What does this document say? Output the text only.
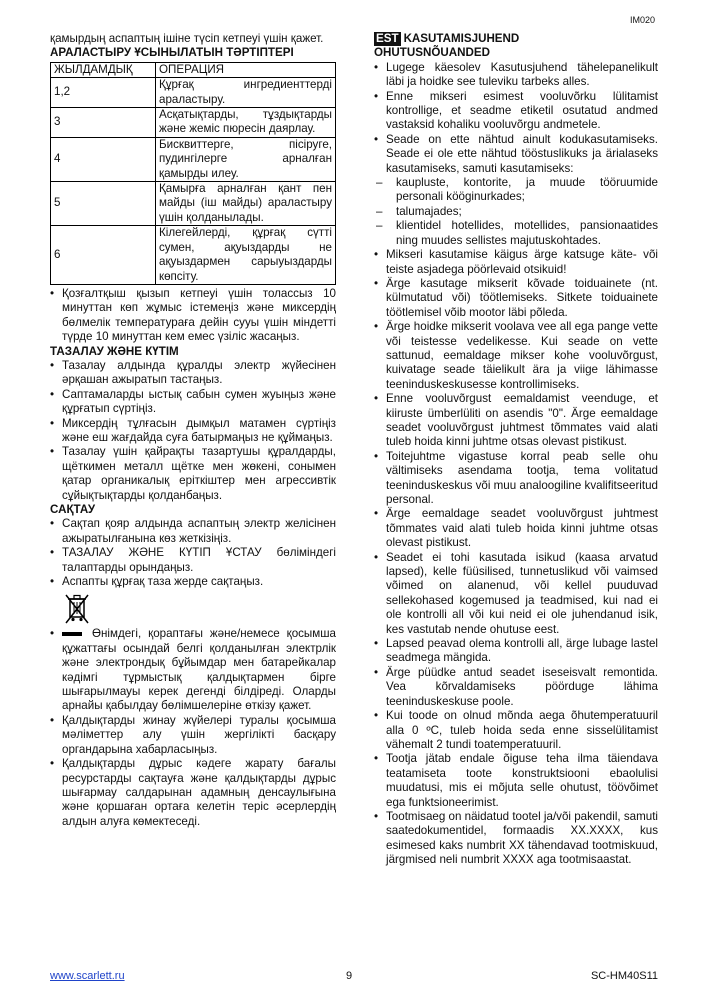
IM020

қамырдың аспаптың ішіне түсіп кетпеуі үшін қажет.

АРАЛАСТЫРУ ҰСЫНЫЛАТЫН ТӘРТІПТЕРІ

ЖЫЛДАМДЫҚ	ОПЕРАЦИЯ
1,2	Құрғақ ингредиенттерді араластыру.
3	Асқатықтарды, тұздықтарды және жеміс пюресін даярлау.
4	Бисквиттерге, пісіруге, пудингілерге арналған қамырды илеу.
5	Қамырға арналған қант пен майды (іш майды) араластыру үшін қолданылады.
6	Кілегейлерді, құрғақ сүтті сумен, ақуыздарды не ақуыздармен сарыуыздарды көпсіту.
• Қозғалтқыш қызып кетпеуі үшін толассыз 10 минуттан көп жұмыс істемеңіз және миксердің бөлмелік температураға дейін сууы үшін міндетті түрде 10 минуттан кем емес үзіліс жасаңыз.

ТАЗАЛАУ ЖӘНЕ КҮТІМ

• Тазалау алдында құралды электр жүйесінен әрқашан ажыратып тастаңыз.
• Саптамаларды ыстық сабын сумен жуыңыз және құрғатып сүртіңіз.
• Миксердің тұлғасын дымқыл матамен сүртіңіз және еш жағдайда суға батырмаңыз не құймаңыз.
• Тазалау үшін қайрақты тазартушы құралдарды, щёткимен металл щётке мен жөкені, сонымен қатар органикалық еріткіштер мен агрессивтік сұйықтықтарды қолданбаңыз.

САҚТАУ

• Сақтап қояр алдында аспаптың электр желісінен ажыратылғанына көз жеткізіңіз.
• ТАЗАЛАУ ЖӘНЕ КҮТІП ҰСТАУ бөліміндегі талаптарды орындаңыз.
• Аспапты құрғақ таза жерде сақтаңыз.
• Өнімдегі, қораптағы және/немесе қосымша құжаттағы осындай белгі қолданылған электрлік және электрондық бұйымдар мен батарейкалар кәдімгі тұрмыстық қалдықтармен бірге шығарылмауы керек дегенді білдіреді. Оларды арнайы қабылдау бөлімшелеріне өткізу қажет.
• Қалдықтарды жинау жүйелері туралы қосымша мәліметтер алу үшін жергілікті басқару органдарына хабарласыңыз.
• Қалдықтарды дұрыс кәдеге жарату бағалы ресурстарды сақтауға және қалдықтарды дұрыс шығармау салдарынан адамның денсаулығына және қоршаған ортаға келетін теріс әсерлердің алдын алуға көмектеседі.

EST KASUTAMISJUHEND

OHUTUSNÕUANDED

• Lugege käesolev Kasutusjuhend tähelepanelikult läbi ja hoidke see tuleviku tarbeks alles.
• Enne mikseri esimest vooluvõrku lülitamist kontrollige, et seadme etiketil osutatud andmed vastaksid kohaliku vooluvõrgu andmetele.
• Seade on ette nähtud ainult kodukasutamiseks. Seade ei ole ette nähtud tööstuslikuks ja ärialaseks kasutamiseks, samuti kasutamiseks:
– kaupluste, kontorite, ja muude tööruumide personali kööginurkades;
– talumajades;
– klientidel hotellides, motellides, pansionaatides ning muudes sellistes majutuskohtades.
• Mikseri kasutamise käigus ärge katsuge käte- või teiste asjadega pöörlevaid otsikuid!
• Ärge kasutage mikserit kõvade toiduainete (nt. külmutatud või) töötlemiseks. Sitkete toiduainete töötlemisel võib mootor läbi põleda.
• Ärge hoidke mikserit voolava vee all ega pange vette või teistesse vedelikesse. Kui seade on vette sattunud, eemaldage mikser kohe vooluvõrgust, kuivatage seade täielikult ära ja viige lähimasse teeninduskeskusesse kontrollimiseks.
• Enne vooluvõrgust eemaldamist veenduge, et kiiruste ümberlüliti on asendis "0". Ärge eemaldage seadet vooluvõrgust juhtmest tõmmates vaid alati tuleb hoida kinni juhtme otsas olevast pistikust.
• Toitejuhtme vigastuse korral peab selle ohu vältimiseks asendama tootja, tema volitatud teeninduskeskus või muu analoogiline kvalifitseeritud personal.
• Ärge eemaldage seadet vooluvõrgust juhtmest tõmmates vaid alati tuleb hoida kinni juhtme otsas olevast pistikust.
• Seadet ei tohi kasutada isikud (kaasa arvatud lapsed), kelle füüsilised, tunnetuslikud või vaimsed võimed on alanenud, või kellel puuduvad sellekohased kogemused ja teadmised, kui nad ei ole kontrolli all või kui neid ei ole juhendanud isik, kes vastutab nende ohutuse eest.
• Lapsed peavad olema kontrolli all, ärge lubage lastel seadmega mängida.
• Ärge püüdke antud seadet iseseisvalt remontida. Vea kõrvaldamiseks pöörduge lähima teeninduskeskuse poole.
• Kui toode on olnud mõnda aega õhutemperatuuril alla 0 ºC, tuleb hoida seda enne sisselülitamist vähemalt 2 tundi toatemperatuuril.
• Tootja jätab endale õiguse teha ilma täiendava teatamiseta toote konstruktsiooni ebaolulisi muudatusi, mis ei mõjuta selle ohutust, töövõimet ega funktsioneerimist.
• Tootmisaeg on näidatud tootel ja/või pakendil, samuti saatedokumentidel, formaadis XX.XXXX, kus esimesed kaks numbrit XX tähendavad tootmiskuud, järgmised neli numbrit XXXX aga tootmisaastat.
www.scarlett.ru	9	SC-HM40S11
